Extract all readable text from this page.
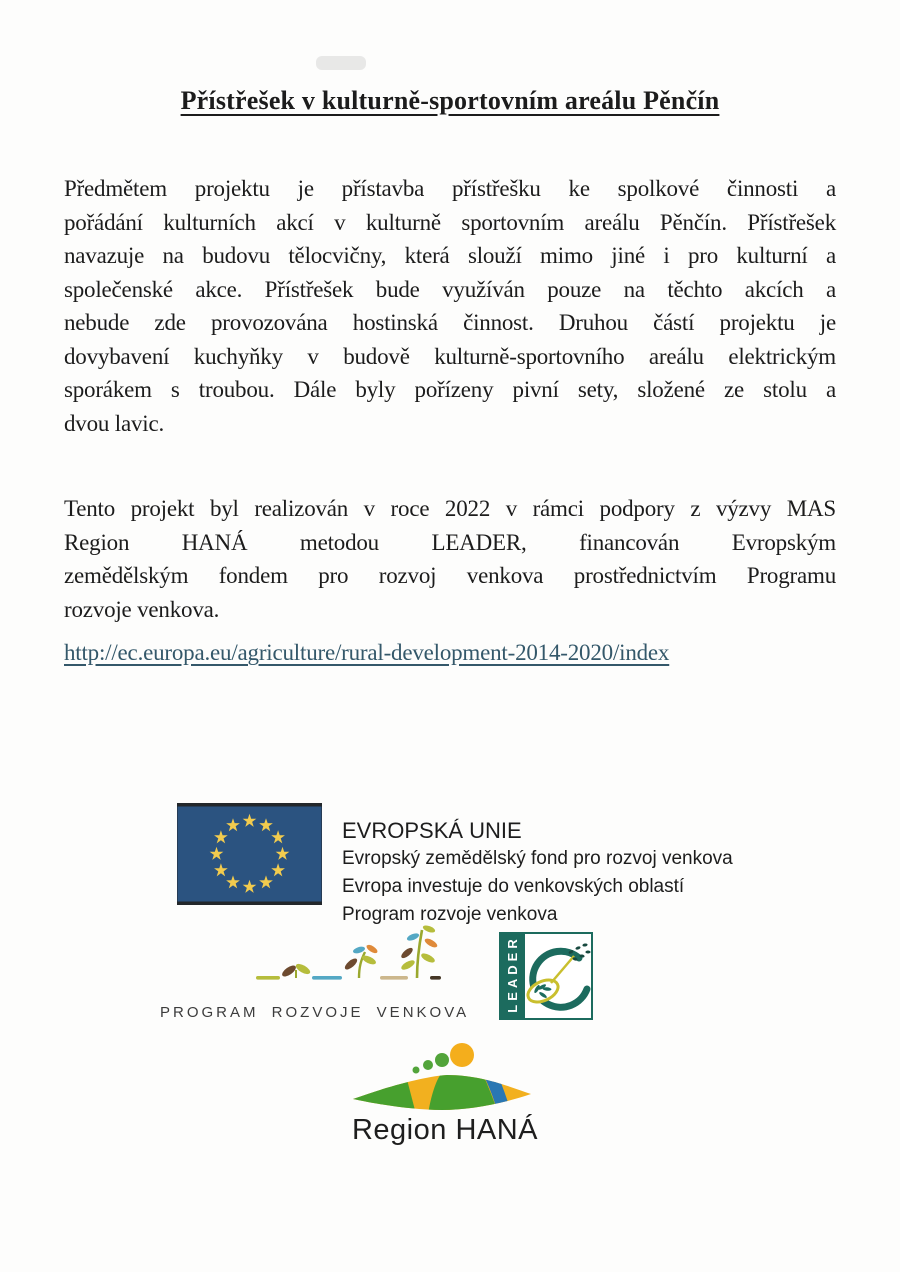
Přístřešek v kulturně-sportovním areálu Pěnčín
Předmětem projektu je přístavba přístřešku ke spolkové činnosti a
pořádání kulturních akcí v kulturně sportovním areálu Pěnčín. Přístřešek
navazuje na budovu tělocvičny, která slouží mimo jiné i pro kulturní a
společenské akce. Přístřešek bude využíván pouze na těchto akcích a
nebude zde provozována hostinská činnost. Druhou částí projektu je
dovybavení kuchyňky v budově kulturně-sportovního areálu elektrickým
sporákem s troubou. Dále byly pořízeny pivní sety, složené ze stolu a
dvou lavic.
Tento projekt byl realizován v roce 2022 v rámci podpory z výzvy MAS
Region HANÁ metodou LEADER, financován Evropským
zemědělským fondem pro rozvoj venkova prostřednictvím Programu
rozvoje venkova.
http://ec.europa.eu/agriculture/rural-development-2014-2020/index
EVROPSKÁ UNIE
Evropský zemědělský fond pro rozvoj venkova
Evropa investuje do venkovských oblastí
Program rozvoje venkova
PROGRAM ROZVOJE VENKOVA	LEADER
Region HANÁ
